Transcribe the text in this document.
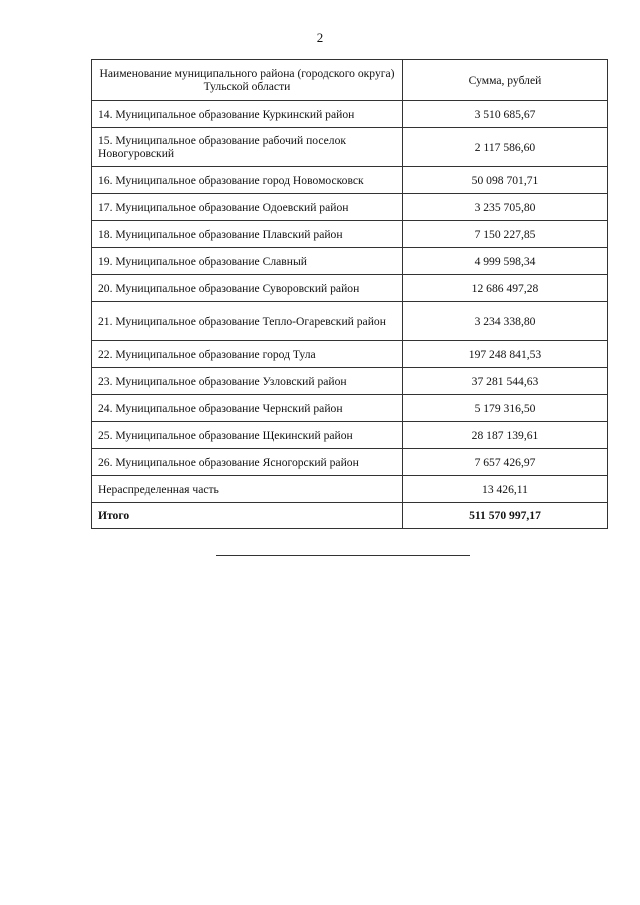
2
Наименование муниципального района (городского округа) Тульской области	Сумма, рублей
14. Муниципальное образование Куркинский район	3 510 685,67
15. Муниципальное образование рабочий поселок Новогуровский	2 117 586,60
16. Муниципальное образование город Новомосковск	50 098 701,71
17. Муниципальное образование Одоевский район	3 235 705,80
18. Муниципальное образование Плавский район	7 150 227,85
19. Муниципальное образование Славный	4 999 598,34
20. Муниципальное образование Суворовский район	12 686 497,28
21. Муниципальное образование Тепло-Огаревский район	3 234 338,80
22. Муниципальное образование город Тула	197 248 841,53
23. Муниципальное образование Узловский район	37 281 544,63
24. Муниципальное образование Чернский район	5 179 316,50
25. Муниципальное образование Щекинский район	28 187 139,61
26. Муниципальное образование Ясногорский район	7 657 426,97
Нераспределенная часть	13 426,11
Итого	511 570 997,17
